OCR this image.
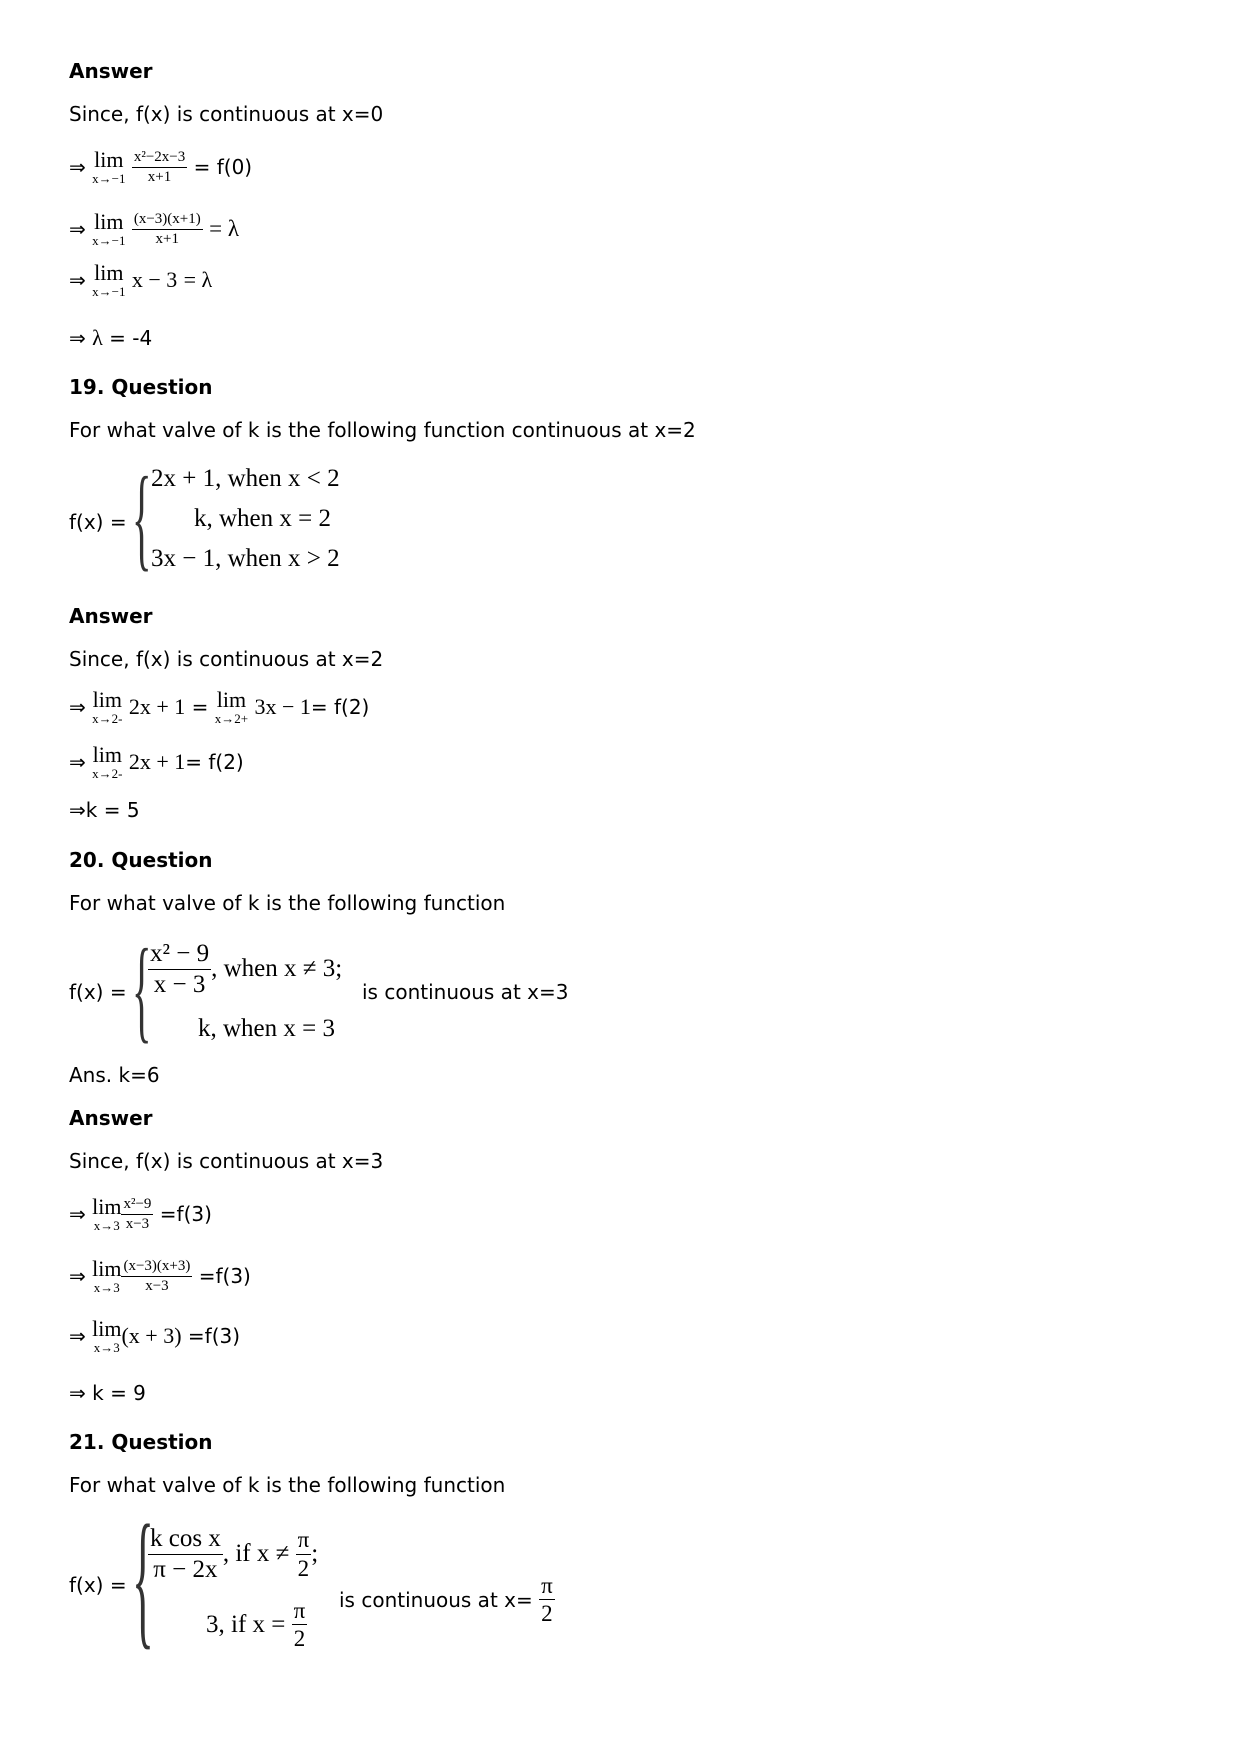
Answer
Since, f(x) is continuous at x=0
⇒ lim
x→−1
$\frac{\text{x²−2x−3}}{x+1} = f(0)$
⇒ lim
x→−1
$\frac{(x-3)(x+1)}{x+1} = \lambda$
⇒ lim
x→−1 x − 3 = λ
⇒ λ = -4
19. Question
For what valve of k is the following function continuous at x=2
f(x) = { 2x + 1, when x < 2
k, when x = 2
3x − 1, when x > 2
Answer
Since, f(x) is continuous at x=2
⇒ lim
x→2- 2x + 1 = lim
x→2+ 3x − 1= f(2)
⇒ lim
x→2- 2x + 1= f(2)
⇒k = 5
20. Question
For what valve of k is the following function
f(x) = {
$\frac{\text{x² − 9}}{x - 3}$ , when x ≠ 3;
is continuous at x=3
k, when x = 3
Ans. k=6
Answer
Since, f(x) is continuous at x=3
⇒ lim
$x\to 3 \frac{\text{x²−9}}{x-3} =f(3)$
⇒ lim
$x\to 3 \frac{(x-3)(x+3)}{x-3} =f(3)$
⇒ lim
x→3 (x + 3) =f(3)
⇒ k = 9
21. Question
For what valve of k is the following function
f(x) = {
$\frac{\text{k cos x}}{\pi - 2x}$ , if $x \ne \frac{\pi}{2}$ ;
is continuous at $x= \frac{\pi}{2}$
3, if $x = \frac{\pi}{2}$
